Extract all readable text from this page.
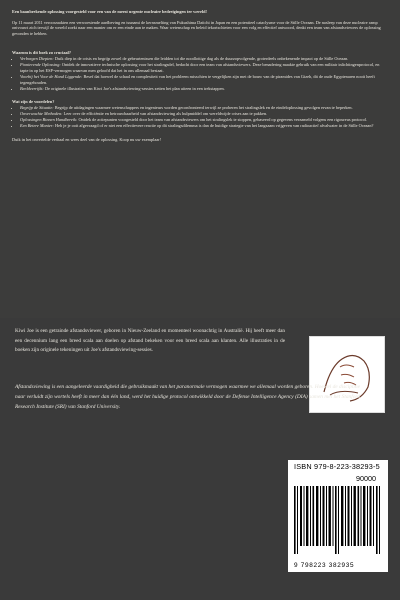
Een baanbrekende oplossing voorgesteld voor een van de meest urgente nucleaire bedreigingen ter wereld!

Op 11 maart 2011 veroorzaakten een verwoestende aardbeving en tsunami de kernsmelting van Fukushima Daiichi in Japan en een potentieel cataclysme voor de Stille Oceaan. De nasleep van deze nucleaire ramp ontvouwt zich terwijl de wereld zoekt naar een manier om er een einde aan te maken. Waar wetenschap en beleid tekortschieten voor een volg en effectief antwoord, denkt een team van afstandsviewers de oplossing gevonden te hebben.

Waarom is dit boek zo cruciaal?

• Verborgen Diepten: Duik diep in de crisis en begrijp zowel de gebeurtenissen die leidden tot die noodlottige dag als de duurzopvolgende, groterdeels onbekenende impact op de Stille Oceaan.
• Pionierende Oplossing: Ontdek de innovatieve technische oplossing voor het stralingsdel, bedacht door een team van afstandsviewers. Deze benadering maakte gebruik van een militair inlichtingenprotocol, en tapte in op het ESP-vermogen waarvan men geloofd dat het in ons allemaal bestaat.
• Voorbij het Voor de Hand Liggende: Besef dat hoewel de schaal en complexiteit van het probleem misschien te vergelijken zijn met de bouw van de piramides van Gizeh, dit de oude Egyptenaren nooit heeft tegengehouden.
• Beeldverrijkt: De originele illustraties van Kiwi Joe's afstandsviewing-sessies zetten het plan uiteen in een trekstappen.

Wat zijn de voordelen?

• Begrijp de Situatie: Begrijp de uitdagingen waarmee wetenschappers en ingenieurs worden geconfronteerd terwijl ze proberen het stralingslek en de eindeloplossing gevolgen ervan te beperken.
• Onverwachte Methoden: Leer over de efficiëntie en betrouwbaarheid van afstandsviewing als hulpmiddel om wereldwijde crises aan te pakken.
• Oplossingen Binnen Handbereik: Ontdek de actiepunten voorgesteld door het team van afstandsviewers om het stralingslek te stoppen, gebaseerd op gegevens verzameld volgens een rigoureus protocol.
• Een Betere Manier: Heb je je ooit afgevraagd of er niet een effectievere reactie op dit stralingsdilemma is dan de huidige strategie van het langzaam vrijgeven van radioactief afvalwater in de Stille Oceaan?

Duik in het onvertelde verhaal en wees deel van de oplossing. Koop nu uw exemplaar!

Kiwi Joe is een getrainde afstandsviewer, geboren in Nieuw-Zeeland en momenteel woonachtig in Australië. Hij heeft meer dan een decennium lang een breed scala aan doelen op afstand bekeken voor een breed scala aan klanten. Alle illustraties in de boeken zijn originele tekeningen uit Joe's afstandsviewing-sessies.

Afstandsviewing is een aangeleerde vaardigheid die gebruikmaakt van het paranormale vermogen waarmee we allemaal worden geboren. Hoewel de discipline naar verluidt zijn wortels heeft in meer dan één land, werd het huidige protocol ontwikkeld door de Defense Intelligence Agency (DIA) samen met het Stanford Research Institute (SRI) van Stanford University.

ISBN 979-8-223-38293-5
90000
9 798223 382935
